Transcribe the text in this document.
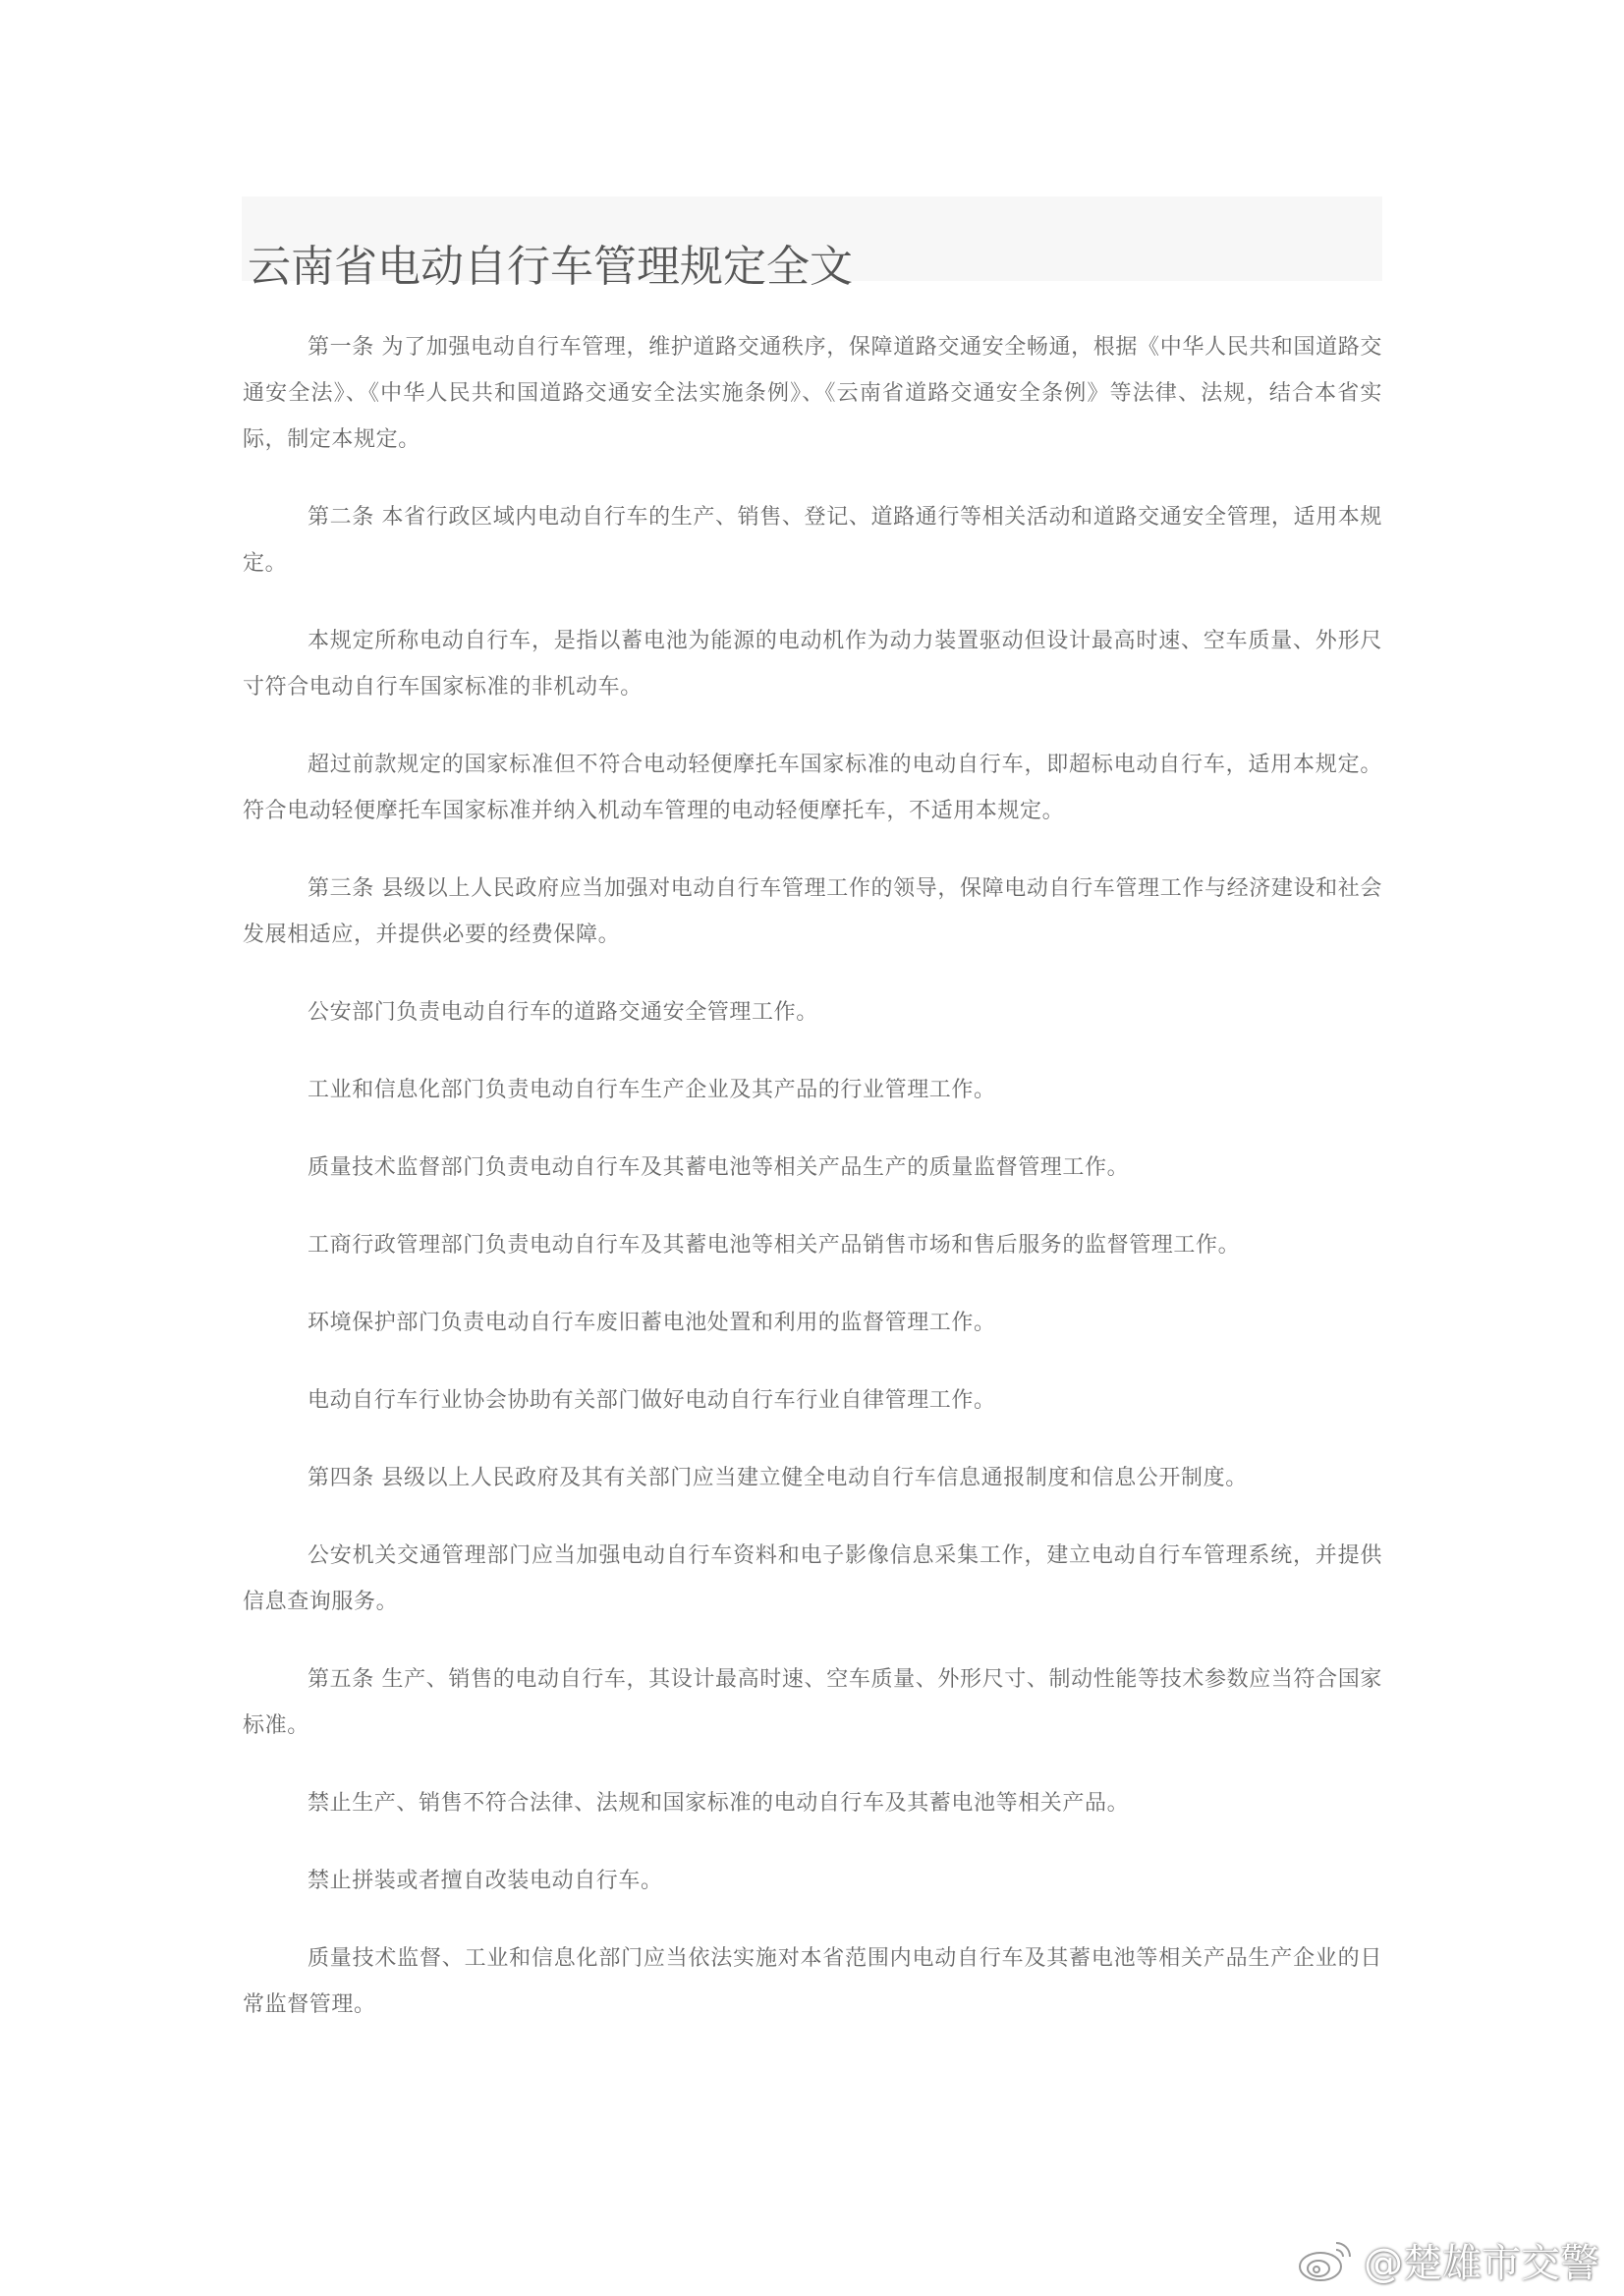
云南省电动自行车管理规定全文

第一条 为了加强电动自行车管理，维护道路交通秩序，保障道路交通安全畅通，根据《中华人民共和国道路交通安全法》、《中华人民共和国道路交通安全法实施条例》、《云南省道路交通安全条例》等法律、法规，结合本省实际，制定本规定。

第二条 本省行政区域内电动自行车的生产、销售、登记、道路通行等相关活动和道路交通安全管理，适用本规定。

本规定所称电动自行车，是指以蓄电池为能源的电动机作为动力装置驱动但设计最高时速、空车质量、外形尺寸符合电动自行车国家标准的非机动车。

超过前款规定的国家标准但不符合电动轻便摩托车国家标准的电动自行车，即超标电动自行车，适用本规定。符合电动轻便摩托车国家标准并纳入机动车管理的电动轻便摩托车，不适用本规定。

第三条 县级以上人民政府应当加强对电动自行车管理工作的领导，保障电动自行车管理工作与经济建设和社会发展相适应，并提供必要的经费保障。

公安部门负责电动自行车的道路交通安全管理工作。

工业和信息化部门负责电动自行车生产企业及其产品的行业管理工作。

质量技术监督部门负责电动自行车及其蓄电池等相关产品生产的质量监督管理工作。

工商行政管理部门负责电动自行车及其蓄电池等相关产品销售市场和售后服务的监督管理工作。

环境保护部门负责电动自行车废旧蓄电池处置和利用的监督管理工作。

电动自行车行业协会协助有关部门做好电动自行车行业自律管理工作。

第四条 县级以上人民政府及其有关部门应当建立健全电动自行车信息通报制度和信息公开制度。

公安机关交通管理部门应当加强电动自行车资料和电子影像信息采集工作，建立电动自行车管理系统，并提供信息查询服务。

第五条 生产、销售的电动自行车，其设计最高时速、空车质量、外形尺寸、制动性能等技术参数应当符合国家标准。

禁止生产、销售不符合法律、法规和国家标准的电动自行车及其蓄电池等相关产品。

禁止拼装或者擅自改装电动自行车。

质量技术监督、工业和信息化部门应当依法实施对本省范围内电动自行车及其蓄电池等相关产品生产企业的日常监督管理。

@楚雄市交警
